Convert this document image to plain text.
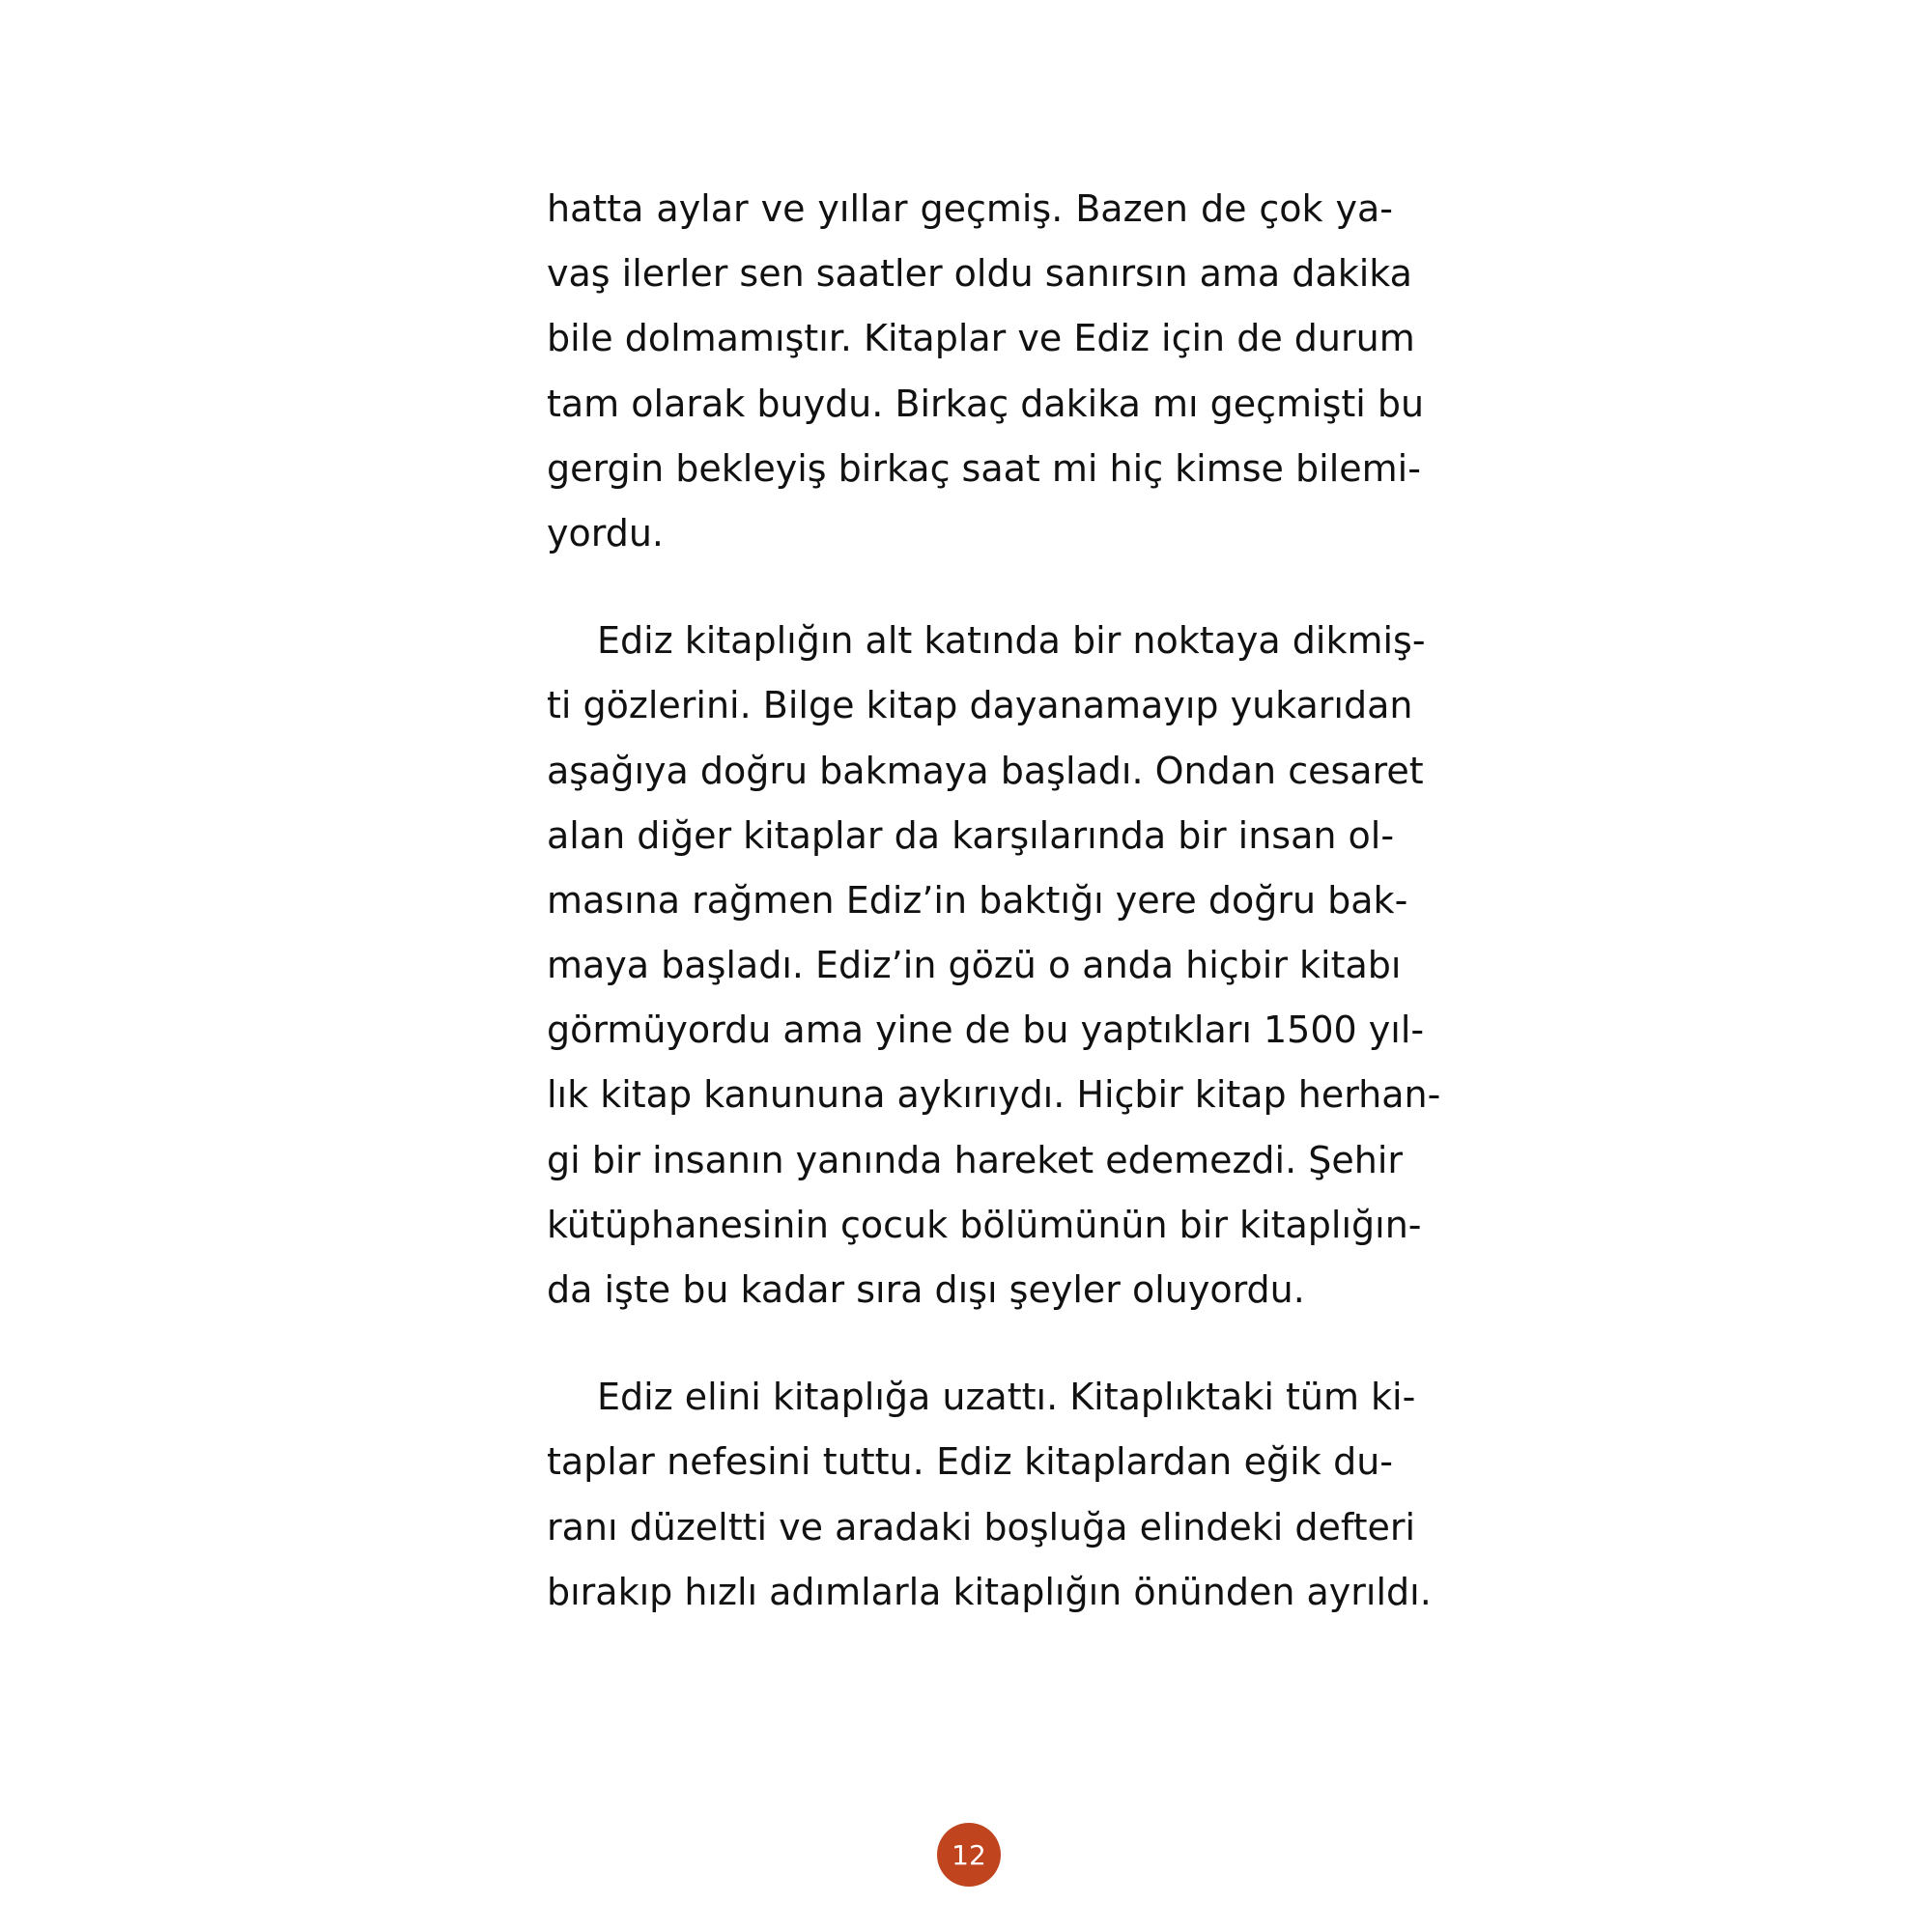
hatta aylar ve yıllar geçmiş. Bazen de çok ya-
vaş ilerler sen saatler oldu sanırsın ama dakika
bile dolmamıştır. Kitaplar ve Ediz için de durum
tam olarak buydu. Birkaç dakika mı geçmişti bu
gergin bekleyiş birkaç saat mi hiç kimse bilemi-
yordu.
Ediz kitaplığın alt katında bir noktaya dikmiş-
ti gözlerini. Bilge kitap dayanamayıp yukarıdan
aşağıya doğru bakmaya başladı. Ondan cesaret
alan diğer kitaplar da karşılarında bir insan ol-
masına rağmen Ediz’in baktığı yere doğru bak-
maya başladı. Ediz’in gözü o anda hiçbir kitabı
görmüyordu ama yine de bu yaptıkları 1500 yıl-
lık kitap kanununa aykırıydı. Hiçbir kitap herhan-
gi bir insanın yanında hareket edemezdi. Şehir
kütüphanesinin çocuk bölümünün bir kitaplığın-
da işte bu kadar sıra dışı şeyler oluyordu.
Ediz elini kitaplığa uzattı. Kitaplıktaki tüm ki-
taplar nefesini tuttu. Ediz kitaplardan eğik du-
ranı düzeltti ve aradaki boşluğa elindeki defteri
bırakıp hızlı adımlarla kitaplığın önünden ayrıldı.
12
